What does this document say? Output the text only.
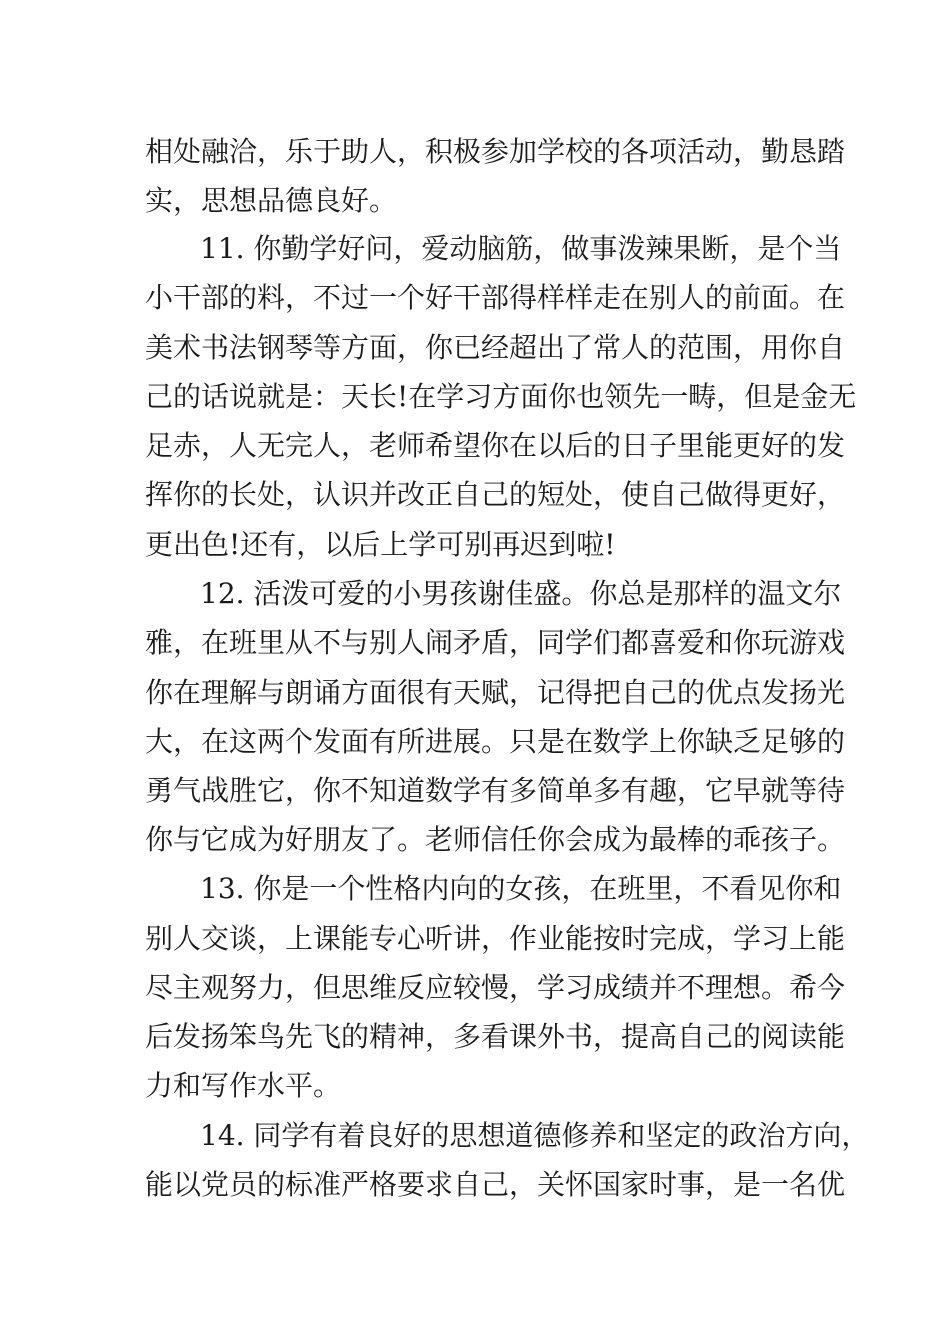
相处融洽，乐于助人，积极参加学校的各项活动，勤恳踏

实，思想品德良好。

11. 你勤学好问，爱动脑筋，做事泼辣果断，是个当

小干部的料，不过一个好干部得样样走在别人的前面。在

美术书法钢琴等方面，你已经超出了常人的范围，用你自

己的话说就是：天长!在学习方面你也领先一畴，但是金无

足赤，人无完人，老师希望你在以后的日子里能更好的发

挥你的长处，认识并改正自己的短处，使自己做得更好，

更出色!还有，以后上学可别再迟到啦!

12. 活泼可爱的小男孩谢佳盛。你总是那样的温文尔

雅，在班里从不与别人闹矛盾，同学们都喜爱和你玩游戏

你在理解与朗诵方面很有天赋，记得把自己的优点发扬光

大，在这两个发面有所进展。只是在数学上你缺乏足够的

勇气战胜它，你不知道数学有多简单多有趣，它早就等待

你与它成为好朋友了。老师信任你会成为最棒的乖孩子。

13. 你是一个性格内向的女孩，在班里，不看见你和

别人交谈，上课能专心听讲，作业能按时完成，学习上能

尽主观努力，但思维反应较慢，学习成绩并不理想。希今

后发扬笨鸟先飞的精神，多看课外书，提高自己的阅读能

力和写作水平。

14. 同学有着良好的思想道德修养和坚定的政治方向，

能以党员的标准严格要求自己，关怀国家时事，是一名优
